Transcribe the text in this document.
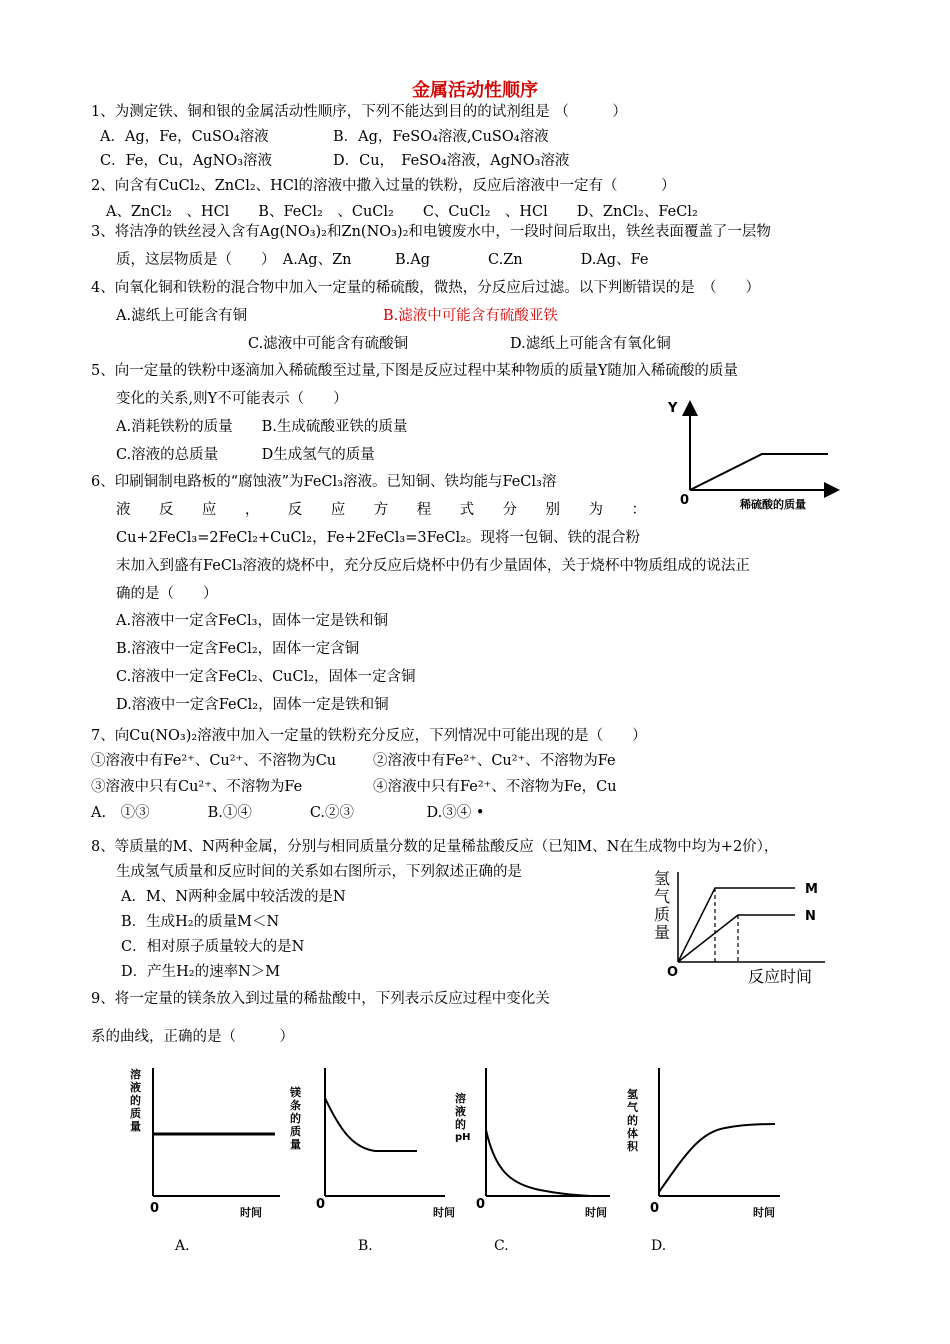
金属活动性顺序
1、为测定铁、铜和银的金属活动性顺序，下列不能达到目的的试剂组是 （　　　）
A．Ag，Fe，CuSO₄溶液	B．Ag，FeSO₄溶液,CuSO₄溶液
C．Fe，Cu，AgNO₃溶液	D．Cu，　FeSO₄溶液，AgNO₃溶液
2、向含有CuCl₂、ZnCl₂、HCl的溶液中撒入过量的铁粉，反应后溶液中一定有（　　　）
A、ZnCl₂　、HCl　　B、FeCl₂　、CuCl₂　　C、CuCl₂　、HCl　　D、ZnCl₂、FeCl₂
3、将洁净的铁丝浸入含有Ag(NO₃)₂和Zn(NO₃)₂和电镀废水中，一段时间后取出，铁丝表面覆盖了一层物
质，这层物质是（　　）　A.Ag、Zn　　　B.Ag　　　　C.Zn　　　　D.Ag、Fe
4、向氧化铜和铁粉的混合物中加入一定量的稀硫酸，微热，分反应后过滤。以下判断错误的是　（　　）
A.滤纸上可能含有铜	B.滤液中可能含有硫酸亚铁
C.滤液中可能含有硫酸铜	D.滤纸上可能含有氧化铜
5、向一定量的铁粉中逐滴加入稀硫酸至过量,下图是反应过程中某种物质的质量Y随加入稀硫酸的质量
变化的关系,则Y不可能表示（　　）
A.消耗铁粉的质量　　B.生成硫酸亚铁的质量
C.溶液的总质量　　　D生成氢气的质量
Y
0	稀硫酸的质量
6、印刷铜制电路板的“腐蚀液”为FeCl₃溶液。已知铜、铁均能与FeCl₃溶
液 反 应 ， 反 应 方 程 式 分 别 为 ：
Cu+2FeCl₃=2FeCl₂+CuCl₂，Fe+2FeCl₃=3FeCl₂。现将一包铜、铁的混合粉
末加入到盛有FeCl₃溶液的烧杯中，充分反应后烧杯中仍有少量固体，关于烧杯中物质组成的说法正
确的是（　　）
A.溶液中一定含FeCl₃，固体一定是铁和铜
B.溶液中一定含FeCl₂，固体一定含铜
C.溶液中一定含FeCl₂、CuCl₂，固体一定含铜
D.溶液中一定含FeCl₂，固体一定是铁和铜
7、向Cu(NO₃)₂溶液中加入一定量的铁粉充分反应，下列情况中可能出现的是（　　）
①溶液中有Fe²⁺、Cu²⁺、不溶物为Cu	②溶液中有Fe²⁺、Cu²⁺、不溶物为Fe
③溶液中只有Cu²⁺、不溶物为Fe	④溶液中只有Fe²⁺、不溶物为Fe，Cu
A.　①③　　　　B.①④　　　　C.②③　　　　　D.③④ •
8、等质量的M、N两种金属，分别与相同质量分数的足量稀盐酸反应（已知M、N在生成物中均为+2价），
生成氢气质量和反应时间的关系如右图所示，下列叙述正确的是
A．M、N两种金属中较活泼的是N
B．生成H₂的质量M＜N
C．相对原子质量较大的是N
D．产生H₂的速率N＞M
氢
气
质
量
M
N
O	反应时间
9、将一定量的镁条放入到过量的稀盐酸中，下列表示反应过程中变化关
系的曲线，正确的是（　　　）
溶
液
的
质
量
0	时间
镁
条
的
质
量
0
时间
溶
液
的
pH
0
时间
氢
气
的
体
积
0	时间
A.	B.	C.	D.
